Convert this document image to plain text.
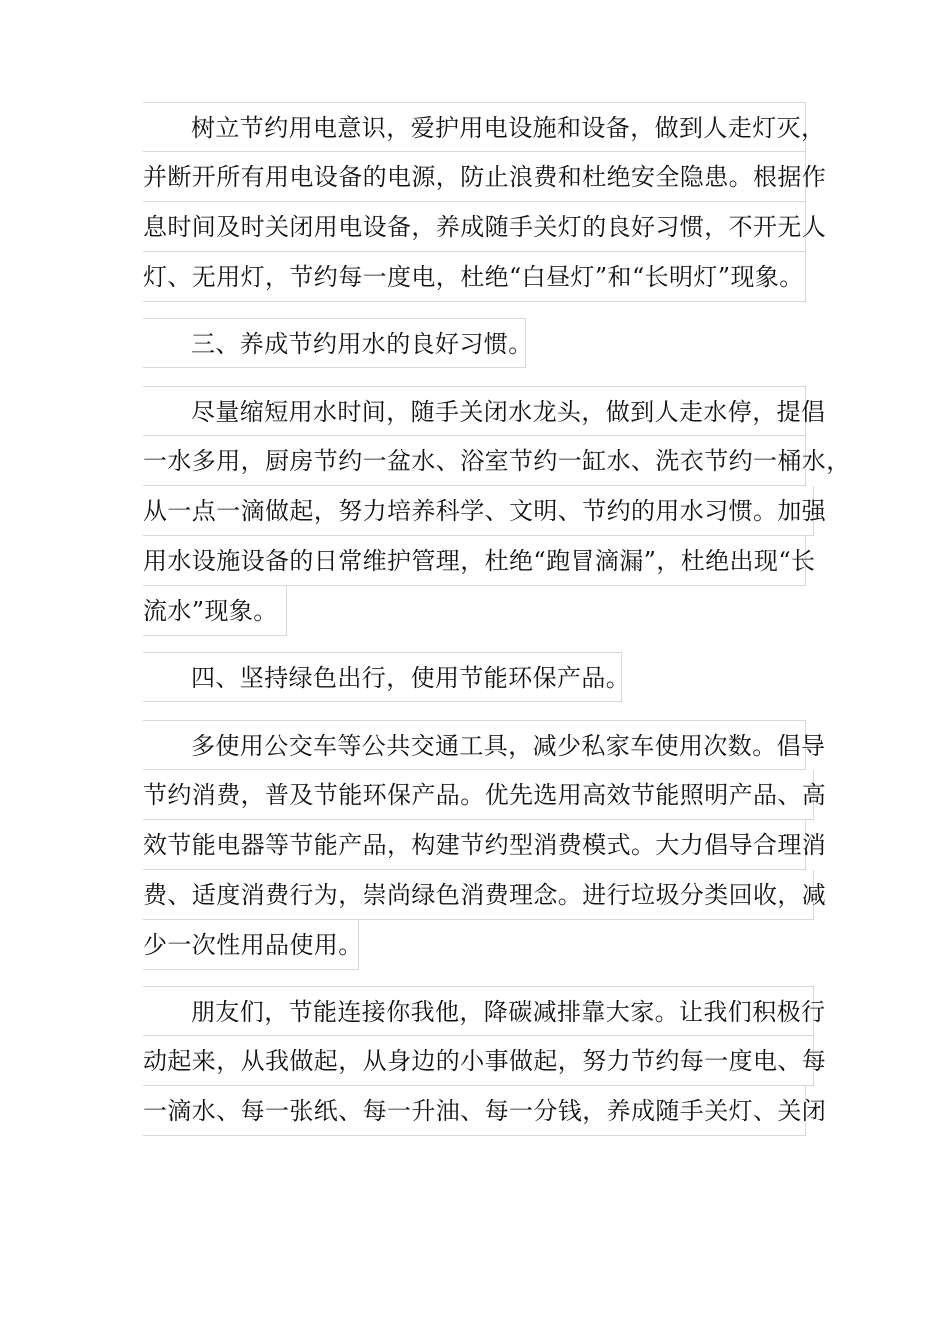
树立节约用电意识，爱护用电设施和设备，做到人走灯灭，
并断开所有用电设备的电源，防止浪费和杜绝安全隐患。根据作
息时间及时关闭用电设备，养成随手关灯的良好习惯，不开无人
灯、无用灯，节约每一度电，杜绝“白昼灯”和“长明灯”现象。
三、养成节约用水的良好习惯。
尽量缩短用水时间，随手关闭水龙头，做到人走水停，提倡
一水多用，厨房节约一盆水、浴室节约一缸水、洗衣节约一桶水，
从一点一滴做起，努力培养科学、文明、节约的用水习惯。加强
用水设施设备的日常维护管理，杜绝“跑冒滴漏”，杜绝出现“长
流水”现象。
四、坚持绿色出行，使用节能环保产品。
多使用公交车等公共交通工具，减少私家车使用次数。倡导
节约消费，普及节能环保产品。优先选用高效节能照明产品、高
效节能电器等节能产品，构建节约型消费模式。大力倡导合理消
费、适度消费行为，崇尚绿色消费理念。进行垃圾分类回收，减
少一次性用品使用。
朋友们，节能连接你我他，降碳减排靠大家。让我们积极行
动起来，从我做起，从身边的小事做起，努力节约每一度电、每
一滴水、每一张纸、每一升油、每一分钱，养成随手关灯、关闭
